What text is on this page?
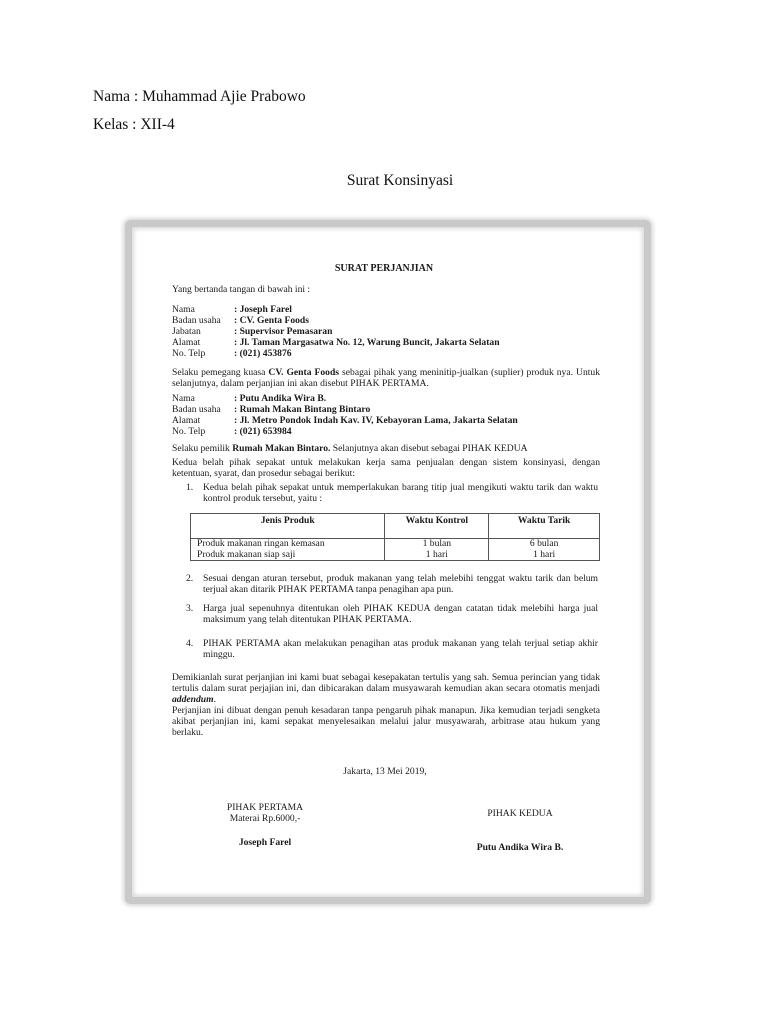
Nama : Muhammad Ajie Prabowo
Kelas : XII-4
Surat Konsinyasi
SURAT PERJANJIAN
Yang bertanda tangan di bawah ini :
Nama	: Joseph Farel
Badan usaha	: CV. Genta Foods
Jabatan	: Supervisor Pemasaran
Alamat	: Jl. Taman Margasatwa No. 12, Warung Buncit, Jakarta Selatan
No. Telp	: (021) 453876
Selaku pemegang kuasa CV. Genta Foods sebagai pihak yang meninitip-jualkan (suplier) produk nya. Untuk selanjutnya, dalam perjanjian ini akan disebut PIHAK PERTAMA.
Nama	: Putu Andika Wira B.
Badan usaha	: Rumah Makan Bintang Bintaro
Alamat	: Jl. Metro Pondok Indah Kav. IV, Kebayoran Lama, Jakarta Selatan
No. Telp	: (021) 653984
Selaku pemilik Rumah Makan Bintaro. Selanjutnya akan disebut sebagai PIHAK KEDUA
Kedua belah pihak sepakat untuk melakukan kerja sama penjualan dengan sistem konsinyasi, dengan ketentuan, syarat, dan prosedur sebagai berikut:
1. Kedua belah pihak sepakat untuk memperlakukan barang titip jual mengikuti waktu tarik dan waktu kontrol produk tersebut, yaitu :
Jenis Produk	Waktu Kontrol	Waktu Tarik
Produk makanan ringan kemasan	1 bulan	6 bulan
Produk makanan siap saji	1 hari	1 hari
2. Sesuai dengan aturan tersebut, produk makanan yang telah melebihi tenggat waktu tarik dan belum terjual akan ditarik PIHAK PERTAMA tanpa penagihan apa pun.
3. Harga jual sepenuhnya ditentukan oleh PIHAK KEDUA dengan catatan tidak melebihi harga jual maksimum yang telah ditentukan PIHAK PERTAMA.
4. PIHAK PERTAMA akan melakukan penagihan atas produk makanan yang telah terjual setiap akhir minggu.
Demikianlah surat perjanjian ini kami buat sebagai kesepakatan tertulis yang sah. Semua perincian yang tidak tertulis dalam surat perjajian ini, dan dibicarakan dalam musyawarah kemudian akan secara otomatis menjadi addendum.
Perjanjian ini dibuat dengan penuh kesadaran tanpa pengaruh pihak manapun. Jika kemudian terjadi sengketa akibat perjanjian ini, kami sepakat menyelesaikan melalui jalur musyawarah, arbitrase atau hukum yang berlaku.
Jakarta, 13 Mei 2019,
PIHAK PERTAMA
Materai Rp.6000,-
Joseph Farel
PIHAK KEDUA
Putu Andika Wira B.
